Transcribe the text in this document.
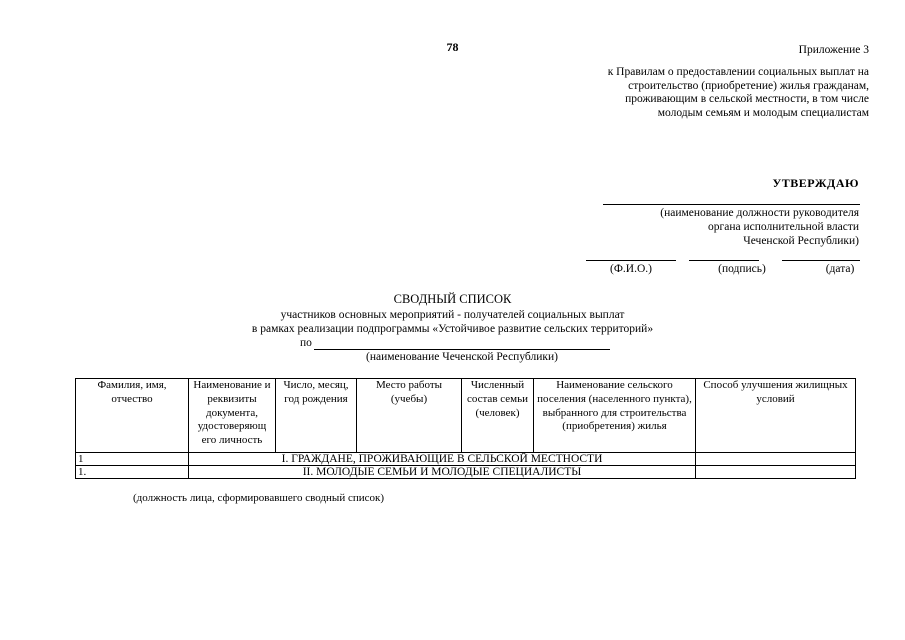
78	Приложение 3
к Правилам о предоставлении социальных выплат на
строительство (приобретение) жилья гражданам,
проживающим в сельской местности, в том числе
молодым семьям и молодым специалистам
УТВЕРЖДАЮ
(наименование должности руководителя
органа исполнительной власти
Чеченской Республики)
(Ф.И.О.)	(подпись)	(дата)
СВОДНЫЙ СПИСОК
участников основных мероприятий - получателей социальных выплат
в рамках реализации подпрограммы «Устойчивое развитие сельских территорий»
по
(наименование Чеченской Республики)
Фамилия, имя, отчество	Наименование и реквизиты документа, удостоверяющ его личность	Число, месяц, год рождения	Место работы (учебы)	Численный состав семьи (человек)	Наименование сельского поселения (населенного пункта), выбранного для строительства (приобретения) жилья	Способ улучшения жилищных условий
1	I. ГРАЖДАНЕ, ПРОЖИВАЮЩИЕ В СЕЛЬСКОЙ МЕСТНОСТИ					
1.	II. МОЛОДЫЕ СЕМЬИ И МОЛОДЫЕ СПЕЦИАЛИСТЫ					
(должность лица, сформировавшего сводный список)
